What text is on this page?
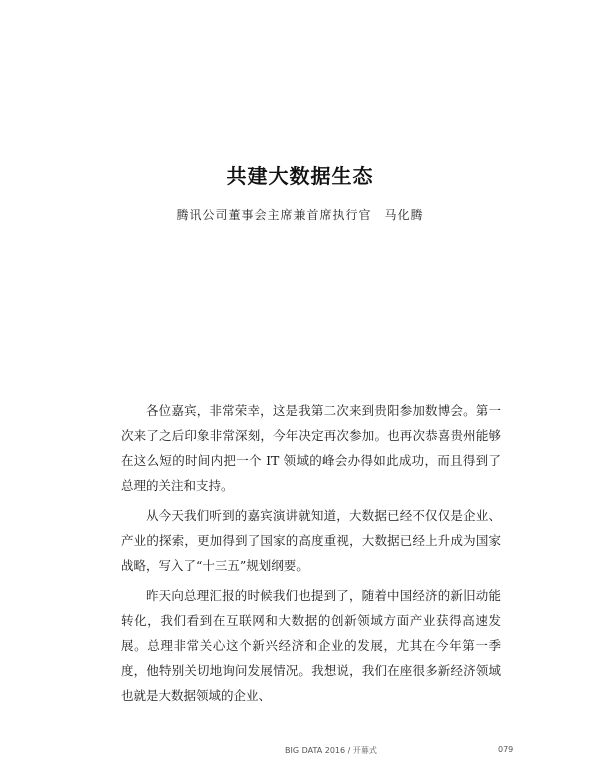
共建大数据生态
腾讯公司董事会主席兼首席执行官　马化腾

各位嘉宾，非常荣幸，这是我第二次来到贵阳参加数博会。第一次来了之后印象非常深刻，今年决定再次参加。也再次恭喜贵州能够在这么短的时间内把一个 IT 领域的峰会办得如此成功，而且得到了总理的关注和支持。

从今天我们听到的嘉宾演讲就知道，大数据已经不仅仅是企业、产业的探索，更加得到了国家的高度重视，大数据已经上升成为国家战略，写入了“十三五”规划纲要。

昨天向总理汇报的时候我们也提到了，随着中国经济的新旧动能转化，我们看到在互联网和大数据的创新领域方面产业获得高速发展。总理非常关心这个新兴经济和企业的发展，尤其在今年第一季度，他特别关切地询问发展情况。我想说，我们在座很多新经济领域也就是大数据领域的企业、

BIG DATA 2016 / 开幕式	079
